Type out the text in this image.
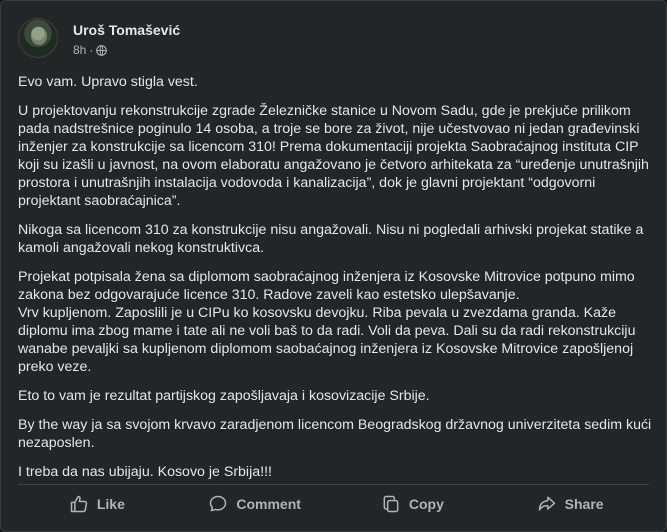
Uroš Tomašević
8h ·

Evo vam. Upravo stigla vest.

U projektovanju rekonstrukcije zgrade Železničke stanice u Novom Sadu, gde je prekjuče prilikom
pada nadstrešnice poginulo 14 osoba, a troje se bore za život, nije učestvovao ni jedan građevinski
inženjer za konstrukcije sa licencom 310! Prema dokumentaciji projekta Saobraćajnog instituta CIP
koji su izašli u javnost, na ovom elaboratu angažovano je četvoro arhitekata za “uređenje unutrašnjih
prostora i unutrašnjih instalacija vodovoda i kanalizacija”, dok je glavni projektant “odgovorni
projektant saobraćajnica”.

Nikoga sa licencom 310 za konstrukcije nisu angažovali. Nisu ni pogledali arhivski projekat statike a
kamoli angažovali nekog konstruktivca.

Projekat potpisala žena sa diplomom saobraćajnog inženjera iz Kosovske Mitrovice potpuno mimo
zakona bez odgovarajuće licence 310. Radove zaveli kao estetsko ulepšavanje.
Vrv kupljenom. Zaposlili je u CIPu ko kosovsku devojku. Riba pevala u zvezdama granda. Kaže
diplomu ima zbog mame i tate ali ne voli baš to da radi. Voli da peva. Dali su da radi rekonstrukciju
wanabe pevaljki sa kupljenom diplomom saobaćajnog inženjera iz Kosovske Mitrovice zapošljenoj
preko veze.

Eto to vam je rezultat partijskog zapošljavaja i kosovizacije Srbije.

By the way ja sa svojom krvavo zaradjenom licencom Beogradskog državnog univerziteta sedim kući
nezaposlen.

I treba da nas ubijaju. Kosovo je Srbija!!!

Like	Comment	Copy	Share
